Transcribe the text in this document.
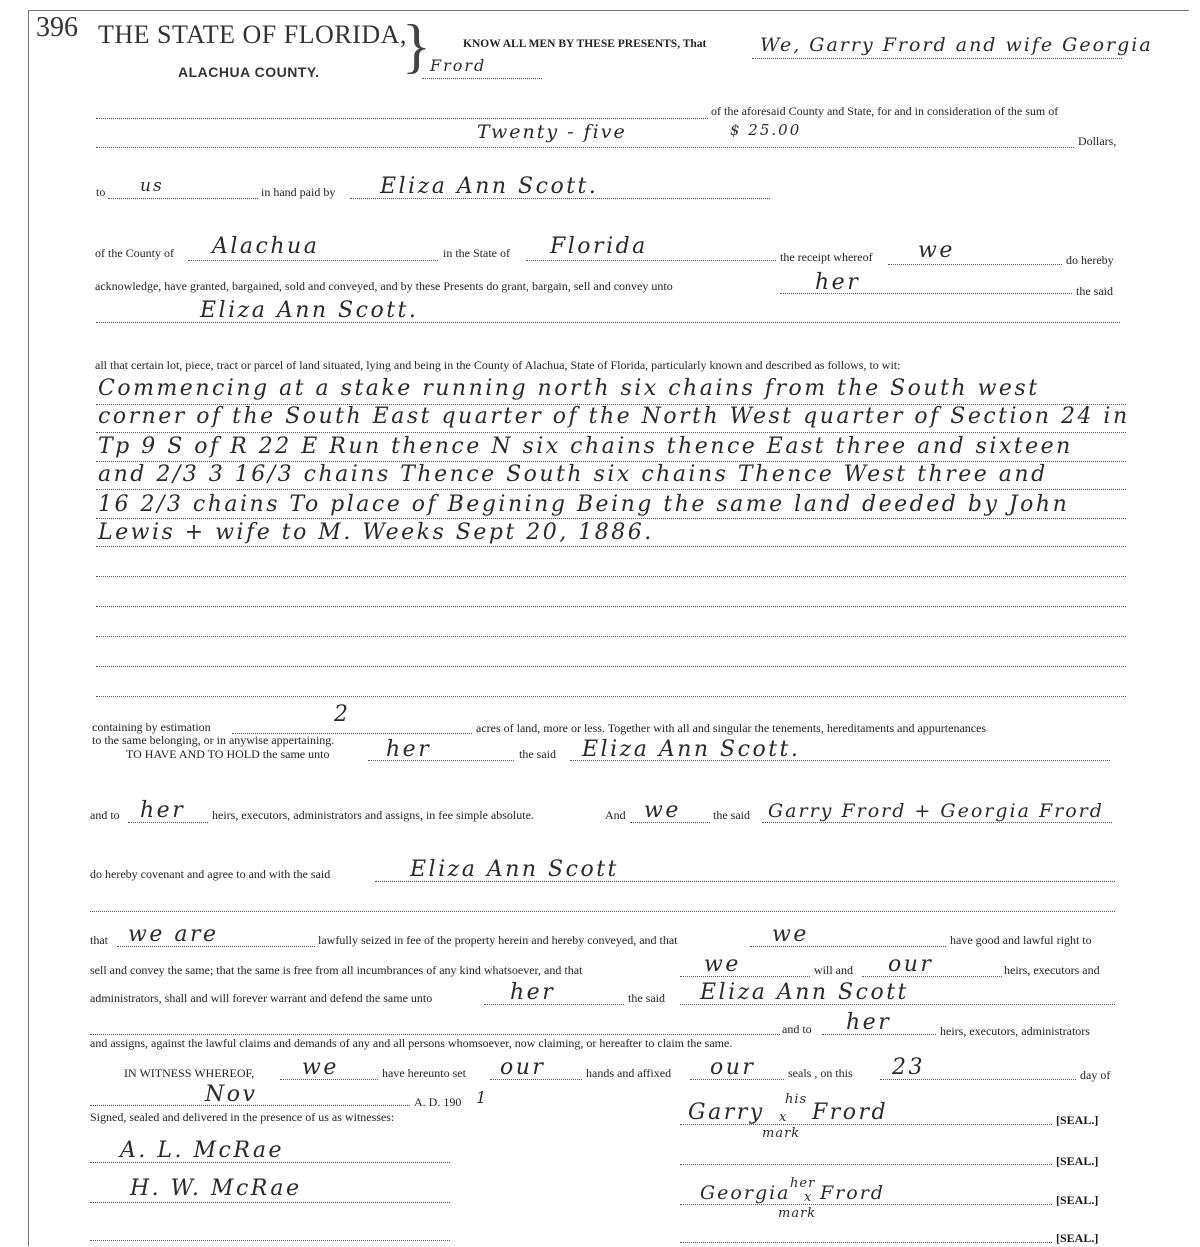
396 THE STATE OF FLORIDA,
ALACHUA COUNTY. }	KNOW ALL MEN BY THESE PRESENTS, That	We, Garry Frord and wife Georgia
Frord
of the aforesaid County and State, for and in consideration of the sum of
Twenty - five	$ 25.00
Dollars,
to us	in hand paid by Eliza Ann Scott.
of the County of Alachua	in the State of Florida	the receipt whereof we	do hereby
acknowledge, have granted, bargained, sold and conveyed, and by these Presents do grant, bargain, sell and convey unto	her	the said
Eliza Ann Scott.
all that certain lot, piece, tract or parcel of land situated, lying and being in the County of Alachua, State of Florida, particularly known and described as follows, to wit:
Commencing at a stake running north six chains from the South west
corner of the South East quarter of the North West quarter of Section 24 in
Tp 9 S of R 22 E Run thence N six chains thence East three and sixteen
and 2/3 3 16/3 chains Thence South six chains Thence West three and
16 2/3 chains To place of Begining Being the same land deeded by John
Lewis + wife to M. Weeks Sept 20, 1886.
containing by estimation	2
acres of land, more or less. Together with all and singular the tenements, hereditaments and appurtenances
to the same belonging, or in anywise appertaining.
TO HAVE AND TO HOLD the same unto	her	the said Eliza Ann Scott.
and to her heirs, executors, administrators and assigns, in fee simple absolute.	And we	the said Garry Frord + Georgia Frord
do hereby covenant and agree to and with the said	Eliza Ann Scott
that we are	lawfully seized in fee of the property herein and hereby conveyed, and that	we	have good and lawful right to
sell and convey the same; that the same is free from all incumbrances of any kind whatsoever, and that	we	will and our	heirs, executors and
administrators, shall and will forever warrant and defend the same unto	her	the said Eliza Ann Scott
and to her	heirs, executors, administrators
and assigns, against the lawful claims and demands of any and all persons whomsoever, now claiming, or hereafter to claim the same.
IN WITNESS WHEREOF, we	have hereunto set our	hands and affixed our	seals , on this 23	day of
Nov	A. D. 190 1
Signed, sealed and delivered in the presence of us as witnesses:
A. L. McRae
H. W. McRae
Garry
his
x Frord
mark
[SEAL.]
[SEAL.]
Georgia her
x Frord
mark
[SEAL.]
[SEAL.]
